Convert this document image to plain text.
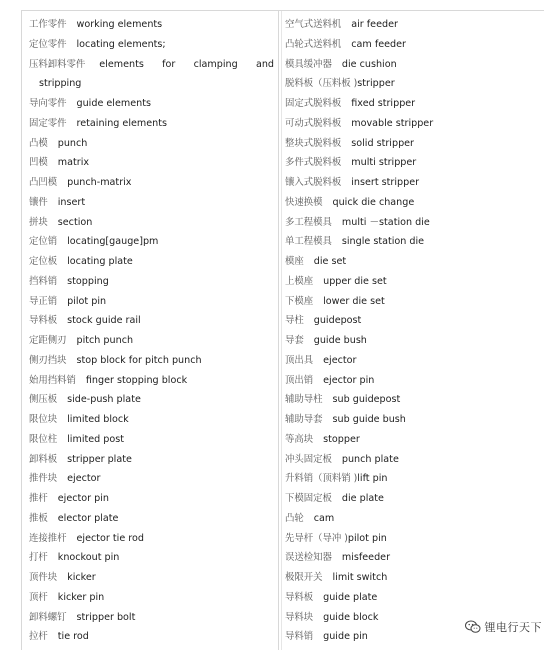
工作零件 working elements
定位零件 locating elements;
压料卸料零件 elements for clamping and
stripping
导向零件 guide elements
固定零件 retaining elements
凸模 punch
凹模 matrix
凸凹模 punch-matrix
镶件 insert
拼块 section
定位销 locating[gauge]pm
定位板 locating plate
挡料销 stopping
导正销 pilot pin
导料板 stock guide rail
定距侧刃 pitch punch
侧刃挡块 stop block for pitch punch
始用挡料销 finger stopping block
侧压板 side-push plate
限位块 limited block
限位柱 limited post
卸料板 stripper plate
推件块 ejector
推杆 ejector pin
推板 elector plate
连接推杆 ejector tie rod
打杆 knockout pin
顶件块 kicker
顶杆 kicker pin
卸料螺钉 stripper bolt
拉杆 tie rod
空气式送料机 air feeder
凸轮式送料机 cam feeder
模具缓冲器 die cushion
脱料板（压料板 )stripper
固定式脱料板 fixed stripper
可动式脱料板 movable stripper
整块式脱料板 solid stripper
多件式脱料板 multi stripper
镶入式脱料板 insert stripper
快速换模 quick die change
多工程模具 multi －station die
单工程模具 single station die
模座 die set
上模座 upper die set
下模座 lower die set
导柱 guidepost
导套 guide bush
顶出具 ejector
顶出销 ejector pin
辅助导柱 sub guidepost
辅助导套 sub guide bush
等高块 stopper
冲头固定板 punch plate
升料销（顶料销 )lift pin
下模固定板 die plate
凸轮 cam
先导杆（导冲 )pilot pin
误送检知器 misfeeder
极限开关 limit switch
导料板 guide plate
导料块 guide block
导料销 guide pin
锂电行天下
